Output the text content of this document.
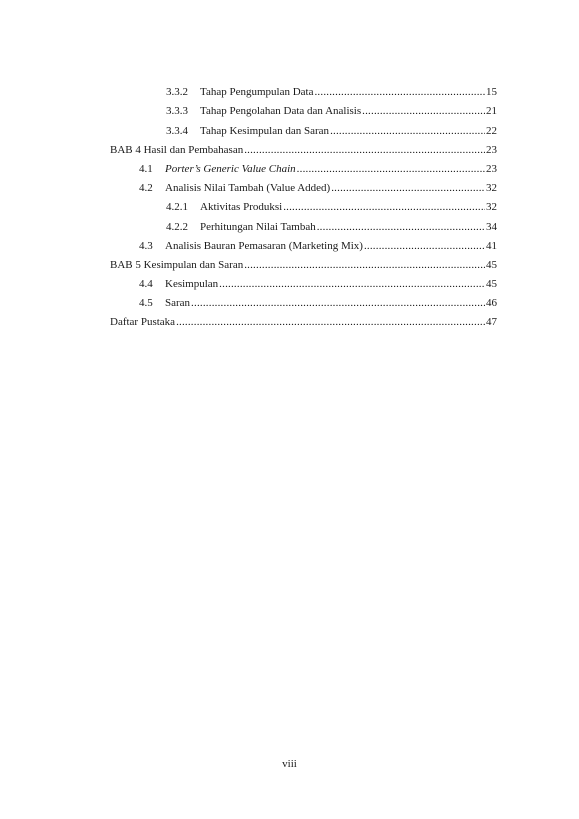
3.3.2	Tahap Pengumpulan Data .....	15
3.3.3	Tahap Pengolahan Data dan Analisis .....	21
3.3.4	Tahap Kesimpulan dan Saran .....	22
BAB 4 Hasil dan Pembahasan .....	23
4.1	Porter’s Generic Value Chain .....	23
4.2	Analisis Nilai Tambah (Value Added) .....	32
4.2.1	Aktivitas Produksi .....	32
4.2.2	Perhitungan Nilai Tambah .....	34
4.3	Analisis Bauran Pemasaran (Marketing Mix) .....	41
BAB 5 Kesimpulan dan Saran .....	45
4.4	Kesimpulan .....	45
4.5	Saran .....	46
Daftar Pustaka .....	47
viii
